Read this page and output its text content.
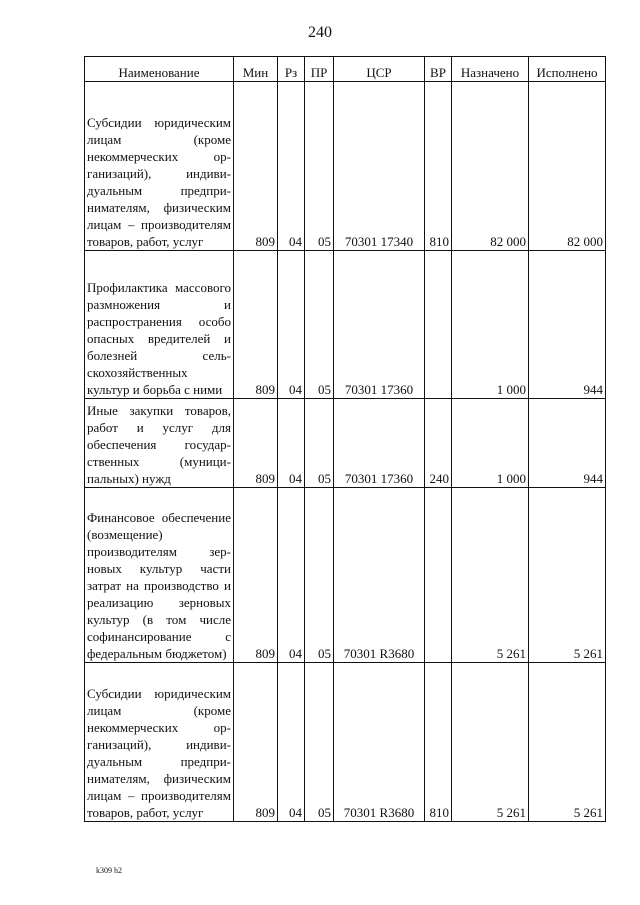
240
Наименование	Мин	Рз	ПР	ЦСР	ВР	Назначено	Исполнено
Субсидии юридическим лицам (кроме некоммерческих организаций), индивидуальным предпринимателям, физическим лицам – производителям товаров, работ, услуг	809	04	05	70301 17340	810	82 000	82 000
Профилактика массового размножения и распространения особо опасных вредителей и болезней сельскохозяйственных культур и борьба с ними	809	04	05	70301 17360		1 000	944
Иные закупки товаров, работ и услуг для обеспечения государственных (муниципальных) нужд	809	04	05	70301 17360	240	1 000	944
Финансовое обеспечение (возмещение) производителям зерновых культур части затрат на производство и реализацию зерновых культур (в том числе софинансирование с федеральным бюджетом)	809	04	05	70301 R3680		5 261	5 261
Субсидии юридическим лицам (кроме некоммерческих организаций), индивидуальным предпринимателям, физическим лицам – производителям товаров, работ, услуг	809	04	05	70301 R3680	810	5 261	5 261
k309 h2
